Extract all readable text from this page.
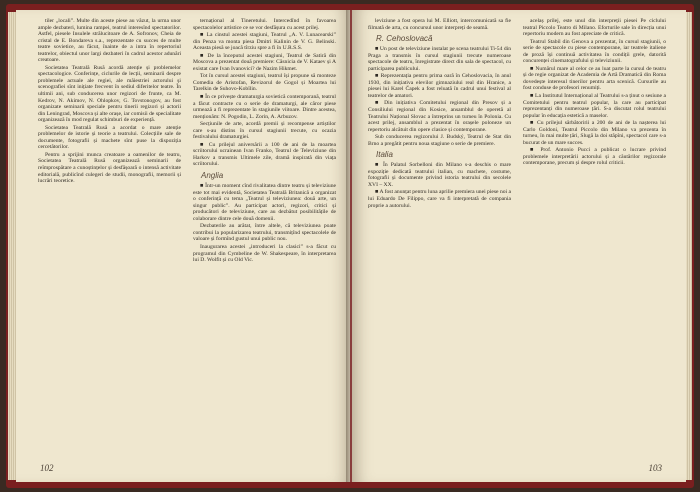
tiler „locali”. Multe din aceste piese au văzut, la urma unor ample dezbateri, lumina rampei, teatrul interesînd spectatorilor. Astfel, piesele Insulele strălucitoare de A. Sofronov, Cheia de cristal de E. Bondareva s.a., reprezentate cu succes de multe teatre sovietice, au făcut, înainte de a intra în repertoriul teatrelor, obiectul unor largi dezbateri în cadrul acestor adunări creatoare.

Societatea Teatrală Rusă acordă atenție și problemelor spectacologice. Conferințe, ciclurile de lecții, seminarii despre problemele actuale ale regiei, ale măiestriei actorului și scenografiei sînt inițiate frecvent în sediul diferitelor teatre. În ultimii ani, sub conducerea unor regizori de frunte, ca M. Kedrov, N. Akimov, N. Ohlopkov, G. Tovstonogov, au fost organizate seminarii speciale pentru tinerii regizori și actorii din Leningrad, Moscova și alte orașe, iar comisii de specialitate organizează în mod regulat schimburi de experiență.

Societatea Teatrală Rusă a acordat o mare atenție problemelor de istorie și teorie a teatrului. Colecțiile sale de documente, fotografii și machete sînt puse la dispoziția cercetătorilor.

Pentru a sprijini munca creatoare a oamenilor de teatru, Societatea Teatrală Rusă organizează seminarii de reîmprospătare a cunoștințelor și desfășoară o intensă activitate editorială, publicînd culegeri de studii, monografii, memorii și lucrări teoretice.

ternațional al Tineretului. Intercedînd în favoarea spectacolelor artistice ce se vor desfășura cu acest prilej.

■ La cinstul acestei stagiuni, Teatrul „A. V. Lunacearski” din Penza va monta piesa Dmitri Kalinin de V. G. Belinski. Aceasta piesă se joacă tîrziu spre a fi în U.R.S.S.

■ De la începutul acestei stagiuni, Teatrul de Satiră din Moscova a prezentat două premiere: Căsnicia de V. Kataev și A existat care Ivan Ivanovici? de Nazim Hikmet.

Tot în cursul acestei stagiuni, teatrul își propune să monteze Comedia de Aristofan, Revizorul de Gogol și Moartea lui Tarelkin de Suhovo-Kobîlin.

■ În ce privește dramaturgia sovietică contemporană, teatrul a făcut contracte cu o serie de dramaturgi, ale căror piese urmează a fi reprezentate în stagiunile viitoare. Dintre acestea, menționăm: N. Pogodin, L. Zorin, A. Arbuzov.

Secțiunile de arte, acordă premii și recompense artiștilor care s-au distins în cursul stagiunii trecute, cu ocazia festivalului dramaturgiei.

■ Cu prilejul aniversării a 100 de ani de la moartea scriitorului ucrainean Ivan Franko, Teatrul de Televiziune din Harkov a transmis Ultimele zile, dramă inspirată din viața scriitorului.

Anglia

■ Într-un moment cînd rivalitatea dintre teatru și televiziune este tot mai evidentă, Societatea Teatrală Britanică a organizat o conferință cu tema „Teatrul și televiziunea: două arte, un singur public”. Au participat actori, regizori, critici și producători de televiziune, care au dezbătut posibilitățile de colaborare dintre cele două domenii.

Dezbaterile au arătat, între altele, că televiziunea poate contribui la popularizarea teatrului, transmițînd spectacolele de valoare și formînd gustul unui public nou.

Inaugurarea acestei „introduceri la clasici” s-a făcut cu programul din Cymbeline de W. Shakespeare, în interpretarea lui D. Wolfit și cu Old Vic.

102

leviziune a fost opera lui M. Elliott, intercomunicată sa fie filmată de arta, cu concursul unor interpreți de seamă.

R. Cehoslovacă

■ Un post de televiziune instalat pe scena teatrului Ti-54 din Praga a transmis în cursul stagiunii trecute numeroase spectacole de teatru, înregistrate direct din sala de spectacol, cu participarea publicului.

■ Reprezentația pentru prima oară în Cehoslovacia, în anul 1930, din inițiativa elevilor gimnaziului real din Hranice, a piesei lui Karel Čapek a fost reluată în cadrul unui festival al teatrelor de amatori.

■ Din inițiativa Comitetului regional din Presov și a Consiliului regional din Kosice, ansamblul de operetă al Teatrului Național Slovac a întreprins un turneu în Polonia. Cu acest prilej, ansamblul a prezentat în orașele poloneze un repertoriu alcătuit din opere clasice și contemporane.

Sub conducerea regizorului J. Budský, Teatrul de Stat din Brno a pregătit pentru noua stagiune o serie de premiere.

Italia

■ În Palatul Sorbelloni din Milano s-a deschis o mare expoziție dedicată teatrului italian, cu machete, costume, fotografii și documente privind istoria teatrului din secolele XVI – XX.

■ A fost anunțat pentru luna aprilie premiera unei piese noi a lui Eduardo De Filippo, care va fi interpretată de compania proprie a autorului.

acelaș prilej, este unul din interpreții piesei Pe ciclului teatral Piccolo Teatro di Milano. Eforturile sale în direcția unui repertoriu modern au fost apreciate de critică.

Teatrul Stabil din Genova a prezentat, în cursul stagiunii, o serie de spectacole cu piese contemporane, iar teatrele italiene de proză își continuă activitatea în condiții grele, datorită concurenței cinematografului și televiziunii.

■ Numărul mare al celor ce au luat parte la cursul de teatru și de regie organizat de Academia de Artă Dramatică din Roma dovedește interesul tinerilor pentru arta scenică. Cursurile au fost conduse de profesori renumiți.

■ La Institutul Internațional al Teatrului s-a ținut o sesiune a Comitetului pentru teatrul popular, la care au participat reprezentanți din numeroase țări. S-a discutat rolul teatrului popular în educația estetică a maselor.

■ Cu prilejul sărbătoririi a 200 de ani de la nașterea lui Carlo Goldoni, Teatrul Piccolo din Milano va prezenta în turneu, în mai multe țări, Slugă la doi stăpîni, spectacol care s-a bucurat de un mare succes.

■ Prof. Antonio Pucci a publicat o lucrare privind problemele interpretării actorului și a căutărilor regizorale contemporane, precum și despre rolul criticii.

103
